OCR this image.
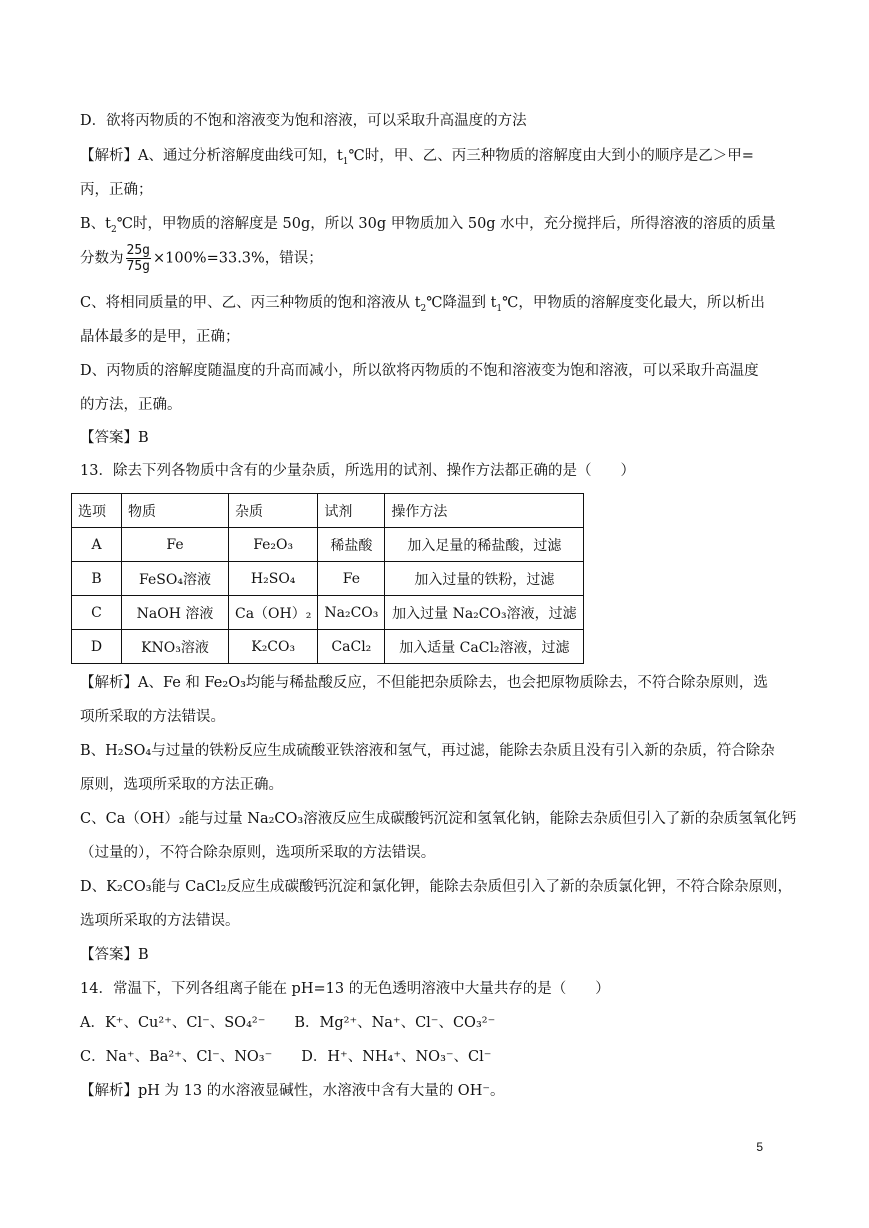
D．欲将丙物质的不饱和溶液变为饱和溶液，可以采取升高温度的方法
【解析】A、通过分析溶解度曲线可知，$t_1℃$时，甲、乙、丙三种物质的溶解度由大到小的顺序是乙＞甲=
丙，正确；
B、$t_2℃$时，甲物质的溶解度是 50g，所以 30g 甲物质加入 50g 水中，充分搅拌后，所得溶液的溶质的质量
分数为 $\frac{25g}{75g} \times 100\%=33.3\%$，错误；
C、将相同质量的甲、乙、丙三种物质的饱和溶液从 $t_2℃$降温到 $t_1℃$，甲物质的溶解度变化最大，所以析出
晶体最多的是甲，正确；
D、丙物质的溶解度随温度的升高而减小，所以欲将丙物质的不饱和溶液变为饱和溶液，可以采取升高温度
的方法，正确。
【答案】B
13．除去下列各物质中含有的少量杂质，所选用的试剂、操作方法都正确的是（　　）
选项	物质	杂质	试剂	操作方法
A	Fe	Fe₂O₃	稀盐酸	加入足量的稀盐酸，过滤
B	FeSO₄溶液	H₂SO₄	Fe	加入过量的铁粉，过滤
C	NaOH 溶液	Ca（OH）₂	Na₂CO₃	加入过量 Na₂CO₃溶液，过滤
D	KNO₃溶液	K₂CO₃	CaCl₂	加入适量 CaCl₂溶液，过滤
【解析】A、Fe 和 Fe₂O₃均能与稀盐酸反应，不但能把杂质除去，也会把原物质除去，不符合除杂原则，选
项所采取的方法错误。
B、H₂SO₄与过量的铁粉反应生成硫酸亚铁溶液和氢气，再过滤，能除去杂质且没有引入新的杂质，符合除杂
原则，选项所采取的方法正确。
C、Ca（OH）₂能与过量 Na₂CO₃溶液反应生成碳酸钙沉淀和氢氧化钠，能除去杂质但引入了新的杂质氢氧化钙
（过量的），不符合除杂原则，选项所采取的方法错误。
D、K₂CO₃能与 CaCl₂反应生成碳酸钙沉淀和氯化钾，能除去杂质但引入了新的杂质氯化钾，不符合除杂原则，
选项所采取的方法错误。
【答案】B
14．常温下，下列各组离子能在 pH=13 的无色透明溶液中大量共存的是（　　）
A．K⁺、Cu²⁺、Cl⁻、SO₄²⁻　　B．Mg²⁺、Na⁺、Cl⁻、CO₃²⁻
C．Na⁺、Ba²⁺、Cl⁻、NO₃⁻　　D．H⁺、NH₄⁺、NO₃⁻、Cl⁻
【解析】pH 为 13 的水溶液显碱性，水溶液中含有大量的 OH⁻。
5
